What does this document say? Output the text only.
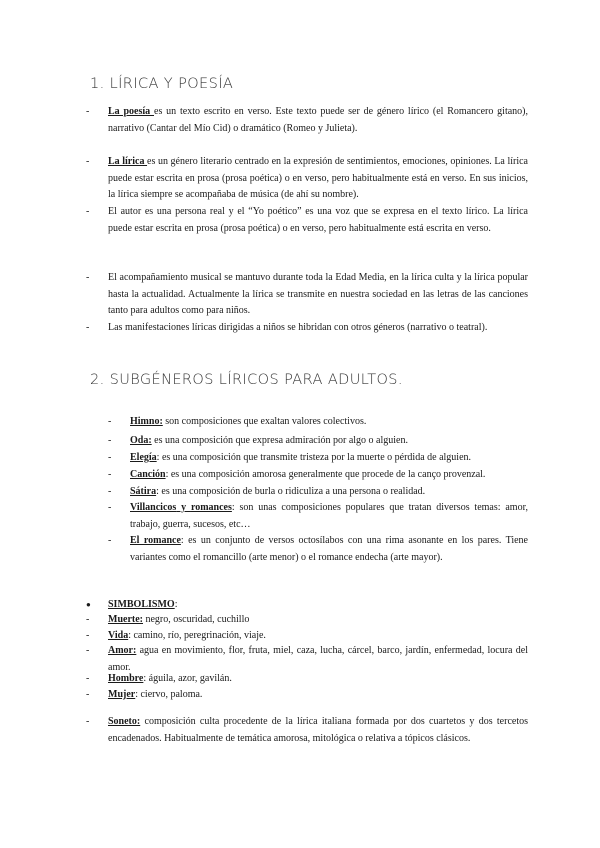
1. LÍRICA Y POESÍA
- La poesía es un texto escrito en verso. Este texto puede ser de género lírico (el Romancero gitano), narrativo (Cantar del Mío Cid) o dramático (Romeo y Julieta).
- La lírica es un género literario centrado en la expresión de sentimientos, emociones, opiniones. La lírica puede estar escrita en prosa (prosa poética) o en verso, pero habitualmente está en verso. En sus inicios, la lírica siempre se acompañaba de música (de ahí su nombre).
- El autor es una persona real y el “Yo poético” es una voz que se expresa en el texto lírico. La lírica puede estar escrita en prosa (prosa poética) o en verso, pero habitualmente está escrita en verso.
- El acompañamiento musical se mantuvo durante toda la Edad Media, en la lírica culta y la lírica popular hasta la actualidad. Actualmente la lírica se transmite en nuestra sociedad en las letras de las canciones tanto para adultos como para niños.
- Las manifestaciones líricas dirigidas a niños se hibridan con otros géneros (narrativo o teatral).
2. SUBGÉNEROS LÍRICOS PARA ADULTOS.
- Himno: son composiciones que exaltan valores colectivos.
- Oda: es una composición que expresa admiración por algo o alguien.
- Elegía: es una composición que transmite tristeza por la muerte o pérdida de alguien.
- Canción: es una composición amorosa generalmente que procede de la canço provenzal.
- Sátira: es una composición de burla o ridiculiza a una persona o realidad.
- Villancicos y romances: son unas composiciones populares que tratan diversos temas: amor, trabajo, guerra, sucesos, etc…
- El romance: es un conjunto de versos octosílabos con una rima asonante en los pares. Tiene variantes como el romancillo (arte menor) o el romance endecha (arte mayor).
● SIMBOLISMO:
- Muerte: negro, oscuridad, cuchillo
- Vida: camino, río, peregrinación, viaje.
- Amor: agua en movimiento, flor, fruta, miel, caza, lucha, cárcel, barco, jardín, enfermedad, locura del amor.
- Hombre: águila, azor, gavilán.
- Mujer: ciervo, paloma.
- Soneto: composición culta procedente de la lírica italiana formada por dos cuartetos y dos tercetos encadenados. Habitualmente de temática amorosa, mitológica o relativa a tópicos clásicos.
